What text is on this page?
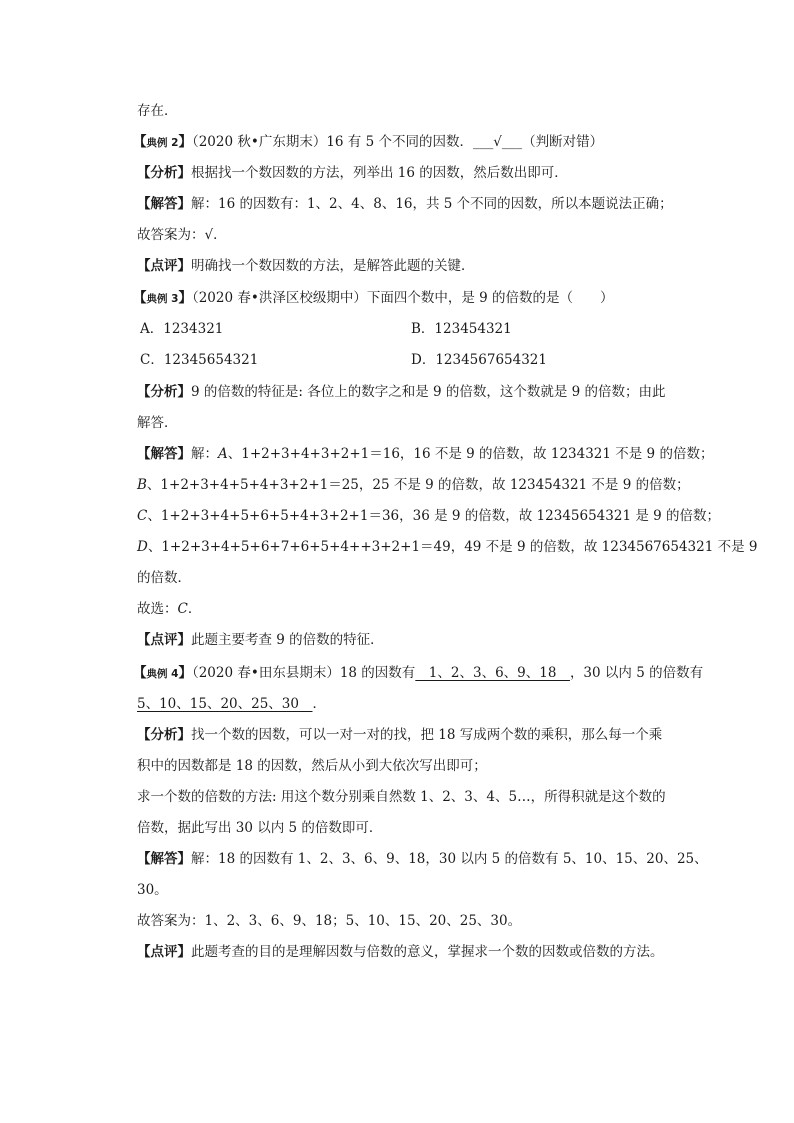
存在．
【典例 2】（2020 秋•广东期末）16 有 5 个不同的因数．___√___（判断对错）
【分析】根据找一个数因数的方法，列举出 16 的因数，然后数出即可．
【解答】解：16 的因数有：1、2、4、8、16，共 5 个不同的因数，所以本题说法正确；
故答案为：√．
【点评】明确找一个数因数的方法，是解答此题的关键．
【典例 3】（2020 春•洪泽区校级期中）下面四个数中，是 9 的倍数的是（　　）
A．1234321	B．123454321
C．12345654321	D．1234567654321
【分析】9 的倍数的特征是: 各位上的数字之和是 9 的倍数，这个数就是 9 的倍数；由此
解答．
【解答】解：A、1+2+3+4+3+2+1＝16，16 不是 9 的倍数，故 1234321 不是 9 的倍数；
B、1+2+3+4+5+4+3+2+1＝25，25 不是 9 的倍数，故 123454321 不是 9 的倍数；
C、1+2+3+4+5+6+5+4+3+2+1＝36，36 是 9 的倍数，故 12345654321 是 9 的倍数；
D、1+2+3+4+5+6+7+6+5+4++3+2+1＝49，49 不是 9 的倍数，故 1234567654321 不是 9
的倍数．
故选：C．
【点评】此题主要考查 9 的倍数的特征．
【典例 4】（2020 春•田东县期末）18 的因数有　1、2、3、6、9、18　，30 以内 5 的倍数有
5、10、15、20、25、30　．
【分析】找一个数的因数，可以一对一对的找，把 18 写成两个数的乘积，那么每一个乘
积中的因数都是 18 的因数，然后从小到大依次写出即可；
求一个数的倍数的方法: 用这个数分别乘自然数 1、2、3、4、5…，所得积就是这个数的
倍数，据此写出 30 以内 5 的倍数即可．
【解答】解：18 的因数有 1、2、3、6、9、18，30 以内 5 的倍数有 5、10、15、20、25、
30。
故答案为：1、2、3、6、9、18；5、10、15、20、25、30。
【点评】此题考查的目的是理解因数与倍数的意义，掌握求一个数的因数或倍数的方法。
